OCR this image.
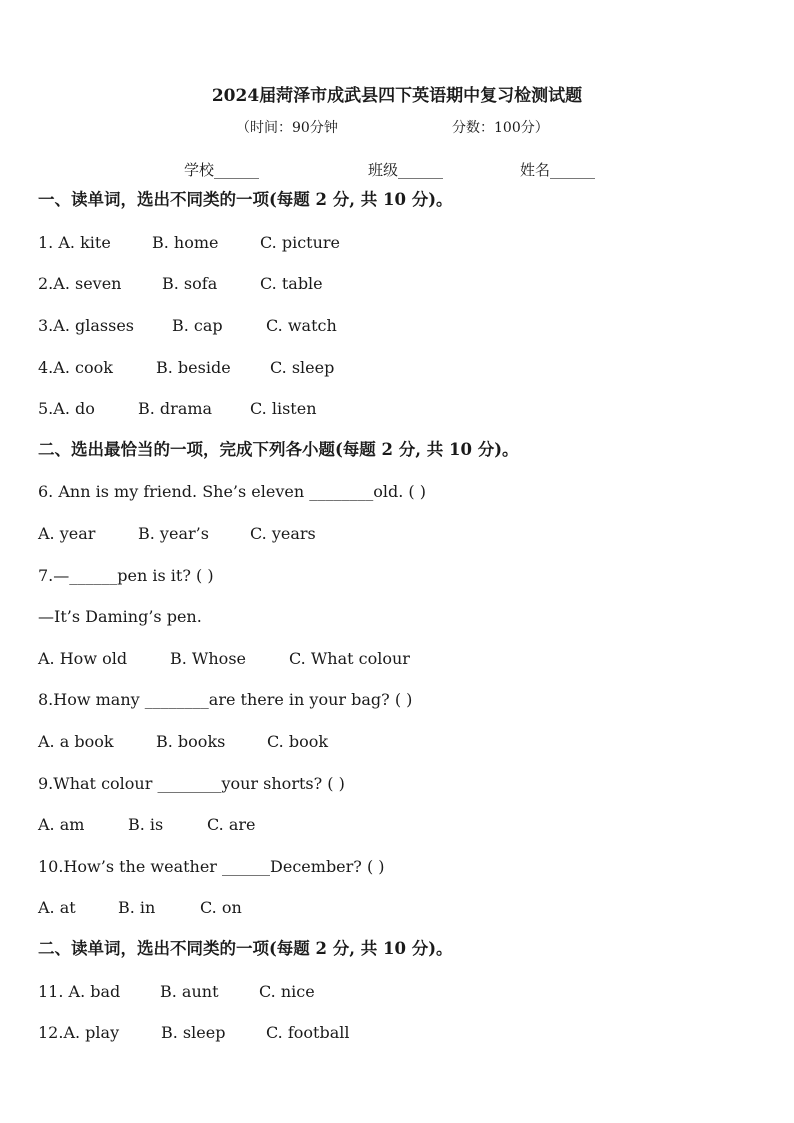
2024届菏泽市成武县四下英语期中复习检测试题
（时间：90分钟	分数：100分）
学校______	班级______	姓名______
一、读单词，选出不同类的一项(每题 2 分, 共 10 分)。
1. A. kite	B. home	C. picture
2.A. seven	B. sofa	C. table
3.A. glasses B. cap	C. watch
4.A. cook	B. beside C. sleep
5.A. do	B. drama C. listen
二、选出最恰当的一项，完成下列各小题(每题 2 分, 共 10 分)。
6. Ann is my friend. She’s eleven ________old. ( )
A. year	B. year’s	C. years
7.—______pen is it? ( )
—It’s Daming’s pen.
A. How old	B. Whose	C. What colour
8.How many ________are there in your bag? ( )
A. a book	B. books	C. book
9.What colour ________your shorts? ( )
A. am	B. is	C. are
10.How’s the weather ______December? ( )
A. at	B. in	C. on
二、读单词，选出不同类的一项(每题 2 分, 共 10 分)。
11. A. bad B. aunt	C. nice
12.A. play	B. sleep	C. football
